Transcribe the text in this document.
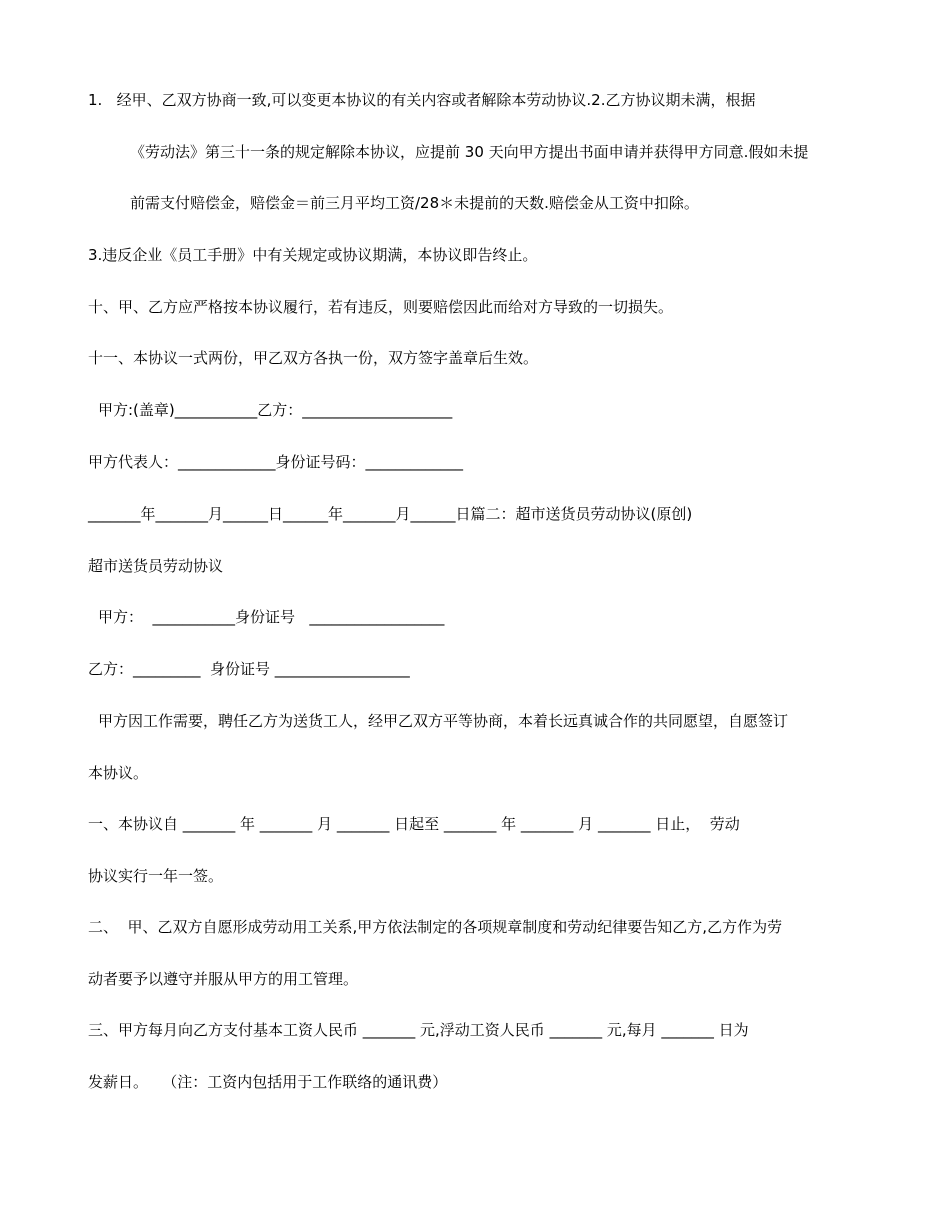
1.   经甲、乙双方协商一致,可以变更本协议的有关内容或者解除本劳动协议.2.乙方协议期未满，根据
《劳动法》第三十一条的规定解除本协议，应提前 30 天向甲方提出书面申请并获得甲方同意.假如未提
前需支付赔偿金，赔偿金＝前三月平均工资/28＊未提前的天数.赔偿金从工资中扣除。
3.违反企业《员工手册》中有关规定或协议期满，本协议即告终止。
十、甲、乙方应严格按本协议履行，若有违反，则要赔偿因此而给对方导致的一切损失。
十一、本协议一式两份，甲乙双方各执一份，双方签字盖章后生效。
甲方:(盖章)___________乙方：____________________
甲方代表人：_____________身份证号码：_____________
_______年_______月______日______年_______月______日篇二：超市送货员劳动协议(原创)
超市送货员劳动协议
甲方：  ___________身份证号   __________________
乙方：_________  身份证号 __________________
甲方因工作需要，聘任乙方为送货工人，经甲乙双方平等协商，本着长远真诚合作的共同愿望，自愿签订
本协议。
一、本协议自 _______ 年 _______ 月 _______ 日起至 _______ 年 _______ 月 _______ 日止，  劳动
协议实行一年一签。
二、  甲、乙双方自愿形成劳动用工关系,甲方依法制定的各项规章制度和劳动纪律要告知乙方,乙方作为劳
动者要予以遵守并服从甲方的用工管理。
三、甲方每月向乙方支付基本工资人民币 _______ 元,浮动工资人民币 _______ 元,每月 _______ 日为
发薪日。   （注：工资内包括用于工作联络的通讯费）
